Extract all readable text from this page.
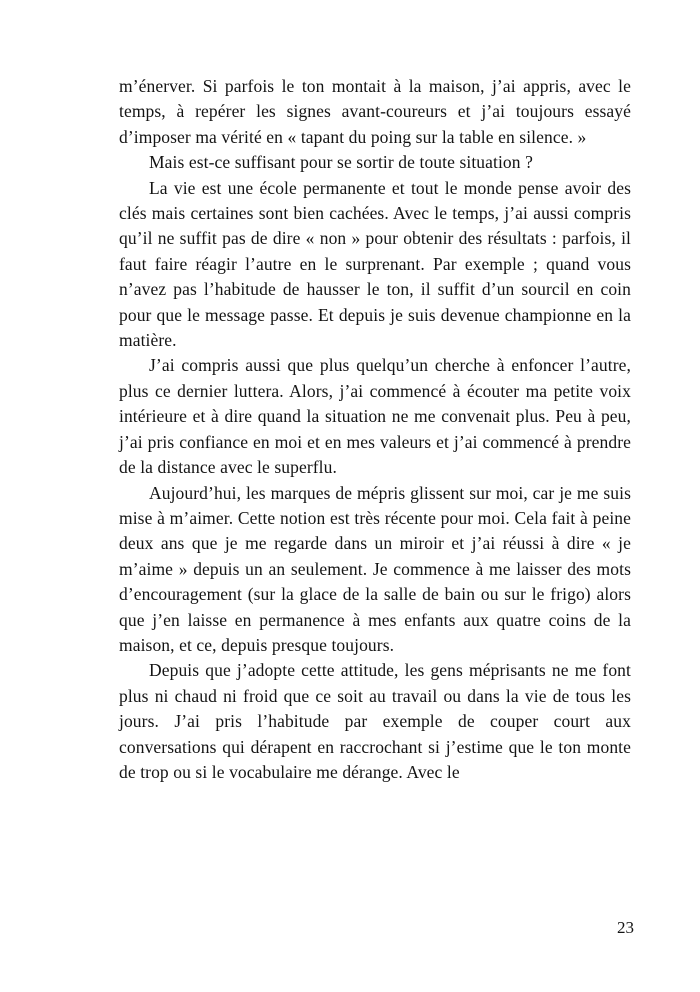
m’énerver. Si parfois le ton montait à la maison, j’ai appris, avec le temps, à repérer les signes avant-coureurs et j’ai toujours essayé d’imposer ma vérité en « tapant du poing sur la table en silence. »

Mais est-ce suffisant pour se sortir de toute situation ?

La vie est une école permanente et tout le monde pense avoir des clés mais certaines sont bien cachées. Avec le temps, j’ai aussi compris qu’il ne suffit pas de dire « non » pour obtenir des résultats : parfois, il faut faire réagir l’autre en le surprenant. Par exemple ; quand vous n’avez pas l’habitude de hausser le ton, il suffit d’un sourcil en coin pour que le message passe. Et depuis je suis devenue championne en la matière.

J’ai compris aussi que plus quelqu’un cherche à enfoncer l’autre, plus ce dernier luttera. Alors, j’ai commencé à écouter ma petite voix intérieure et à dire quand la situation ne me convenait plus. Peu à peu, j’ai pris confiance en moi et en mes valeurs et j’ai commencé à prendre de la distance avec le superflu.

Aujourd’hui, les marques de mépris glissent sur moi, car je me suis mise à m’aimer. Cette notion est très récente pour moi. Cela fait à peine deux ans que je me regarde dans un miroir et j’ai réussi à dire « je m’aime » depuis un an seulement. Je commence à me laisser des mots d’encouragement (sur la glace de la salle de bain ou sur le frigo) alors que j’en laisse en permanence à mes enfants aux quatre coins de la maison, et ce, depuis presque toujours.

Depuis que j’adopte cette attitude, les gens méprisants ne me font plus ni chaud ni froid que ce soit au travail ou dans la vie de tous les jours. J’ai pris l’habitude par exemple de couper court aux conversations qui dérapent en raccrochant si j’estime que le ton monte de trop ou si le vocabulaire me dérange. Avec le

23
